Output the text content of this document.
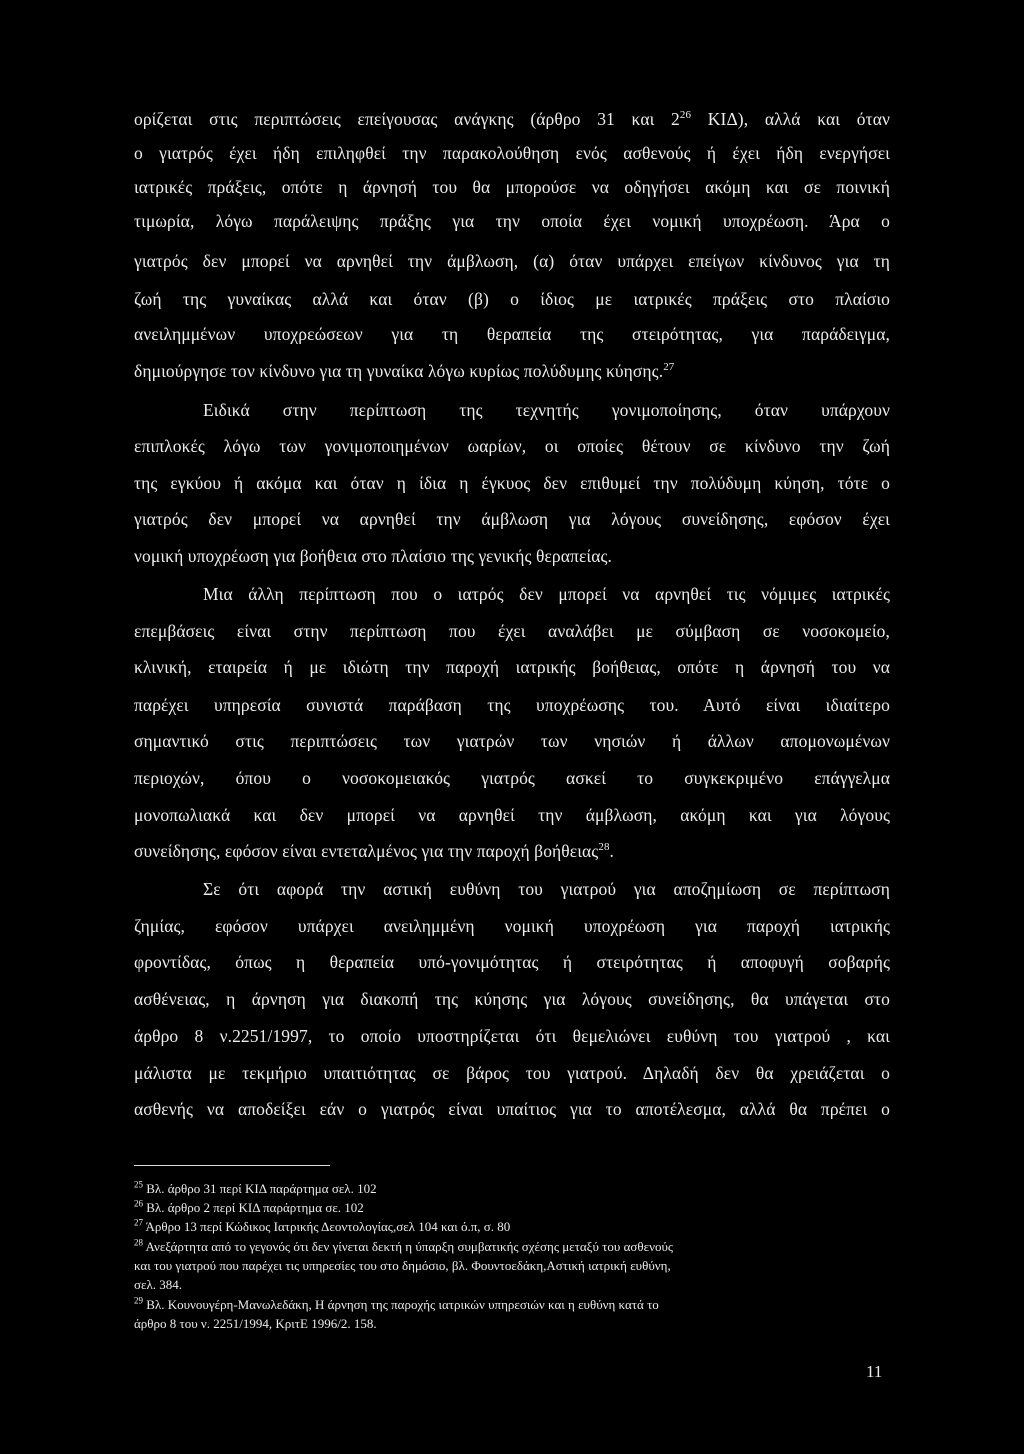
ορίζεται στις περιπτώσεις επείγουσας ανάγκης (άρθρο 31 και $2^{26}$ ΚΙΔ), αλλά και όταν
ο γιατρός έχει ήδη επιληφθεί την παρακολούθηση ενός ασθενούς ή έχει ήδη ενεργήσει
ιατρικές πράξεις, οπότε η άρνησή του θα μπορούσε να οδηγήσει ακόμη και σε ποινική
τιμωρία, λόγω παράλειψης πράξης για την οποία έχει νομική υποχρέωση. Άρα ο
γιατρός δεν μπορεί να αρνηθεί την άμβλωση, (α) όταν υπάρχει επείγων κίνδυνος για τη
ζωή της γυναίκας αλλά και όταν (β) ο ίδιος με ιατρικές πράξεις στο πλαίσιο
ανειλημμένων υποχρεώσεων για τη θεραπεία της στειρότητας, για παράδειγμα,
δημιούργησε τον κίνδυνο για τη γυναίκα λόγω κυρίως πολύδυμης κύησης.$^{27}$
Ειδικά στην περίπτωση της τεχνητής γονιμοποίησης, όταν υπάρχουν
επιπλοκές λόγω των γονιμοποιημένων ωαρίων, οι οποίες θέτουν σε κίνδυνο την ζωή
της εγκύου ή ακόμα και όταν η ίδια η έγκυος δεν επιθυμεί την πολύδυμη κύηση, τότε ο
γιατρός δεν μπορεί να αρνηθεί την άμβλωση για λόγους συνείδησης, εφόσον έχει
νομική υποχρέωση για βοήθεια στο πλαίσιο της γενικής θεραπείας.
Μια άλλη περίπτωση που ο ιατρός δεν μπορεί να αρνηθεί τις νόμιμες ιατρικές
επεμβάσεις είναι στην περίπτωση που έχει αναλάβει με σύμβαση σε νοσοκομείο,
κλινική, εταιρεία ή με ιδιώτη την παροχή ιατρικής βοήθειας, οπότε η άρνησή του να
παρέχει υπηρεσία συνιστά παράβαση της υποχρέωσης του. Αυτό είναι ιδιαίτερο
σημαντικό στις περιπτώσεις των γιατρών των νησιών ή άλλων απομονωμένων
περιοχών, όπου ο νοσοκομειακός γιατρός ασκεί το συγκεκριμένο επάγγελμα
μονοπωλιακά και δεν μπορεί να αρνηθεί την άμβλωση, ακόμη και για λόγους
συνείδησης, εφόσον είναι εντεταλμένος για την παροχή βοήθειας$^{28}$.
Σε ότι αφορά την αστική ευθύνη του γιατρού για αποζημίωση σε περίπτωση
ζημίας, εφόσον υπάρχει ανειλημμένη νομική υποχρέωση για παροχή ιατρικής
φροντίδας, όπως η θεραπεία υπό-γονιμότητας ή στειρότητας ή αποφυγή σοβαρής
ασθένειας, η άρνηση για διακοπή της κύησης για λόγους συνείδησης, θα υπάγεται στο
άρθρο 8 ν.2251/1997, το οποίο υποστηρίζεται ότι θεμελιώνει ευθύνη του γιατρού , και
μάλιστα με τεκμήριο υπαιτιότητας σε βάρος του γιατρού. Δηλαδή δεν θα χρειάζεται ο
ασθενής να αποδείξει εάν ο γιατρός είναι υπαίτιος για το αποτέλεσμα, αλλά θα πρέπει ο
$^{25}$ Βλ. άρθρο 31 περί ΚΙΔ παράρτημα σελ. 102
$^{26}$ Βλ. άρθρο 2 περί ΚΙΔ παράρτημα σε. 102
$^{27}$ Άρθρο 13 περί Κώδικος Ιατρικής Δεοντολογίας,σελ 104 και ό.π, σ. 80
$^{28}$ Ανεξάρτητα από το γεγονός ότι δεν γίνεται δεκτή η ύπαρξη συμβατικής σχέσης μεταξύ του ασθενούς
και του γιατρού που παρέχει τις υπηρεσίες του στο δημόσιο, βλ. Φουντοεδάκη,Αστική ιατρική ευθύνη,
σελ. 384.
$^{29}$ Βλ. Κουνουγέρη-Μανωλεδάκη, Η άρνηση της παροχής ιατρικών υπηρεσιών και η ευθύνη κατά το
άρθρο 8 του ν. 2251/1994, ΚριτΕ 1996/2. 158.
11
